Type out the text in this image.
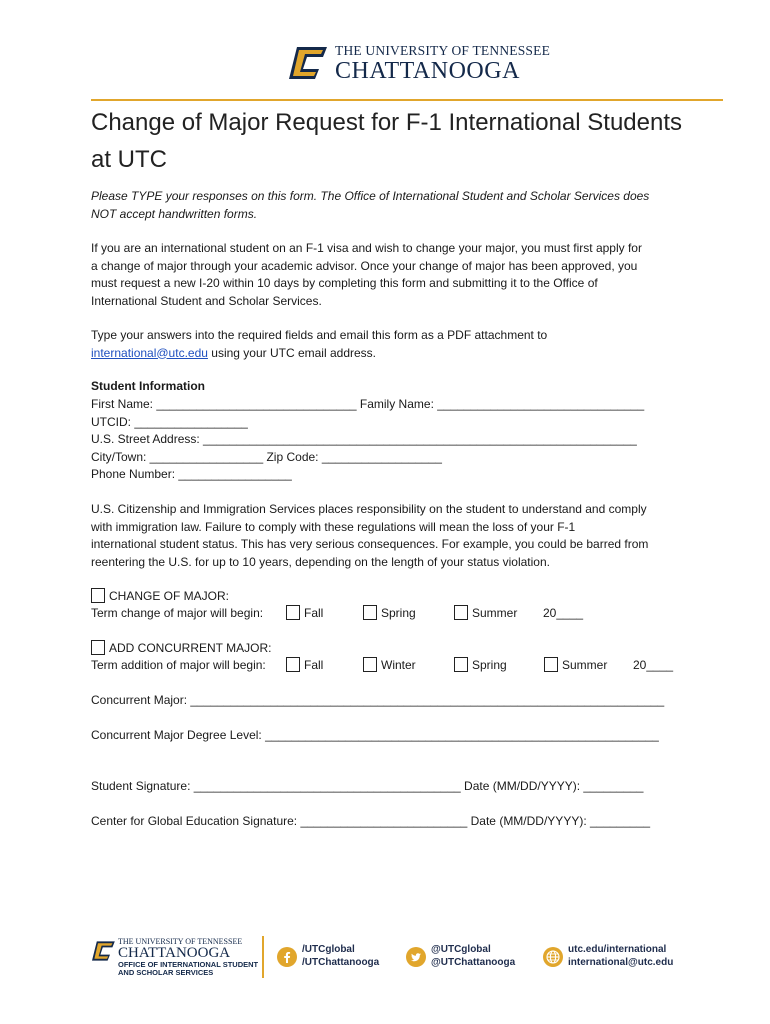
THE UNIVERSITY OF TENNESSEE
CHATTANOOGA
Change of Major Request for F-1 International Students
at UTC
Please TYPE your responses on this form. The Office of International Student and Scholar Services does
NOT accept handwritten forms.
If you are an international student on an F-1 visa and wish to change your major, you must first apply for
a change of major through your academic advisor. Once your change of major has been approved, you
must request a new I-20 within 10 days by completing this form and submitting it to the Office of
International Student and Scholar Services.
Type your answers into the required fields and email this form as a PDF attachment to
international@utc.edu using your UTC email address.
Student Information
First Name: ______________________________ Family Name: _______________________________
UTCID: _________________
U.S. Street Address: _________________________________________________________________
City/Town: _________________ Zip Code: __________________
Phone Number: _________________
U.S. Citizenship and Immigration Services places responsibility on the student to understand and comply
with immigration law. Failure to comply with these regulations will mean the loss of your F-1
international student status. This has very serious consequences. For example, you could be barred from
reentering the U.S. for up to 10 years, depending on the length of your status violation.
CHANGE OF MAJOR:
Term change of major will begin:	Fall	Spring	Summer 20____
ADD CONCURRENT MAJOR:
Term addition of major will begin:	Fall	Winter	Spring	Summer 20____
Concurrent Major: _______________________________________________________________________
Concurrent Major Degree Level: ___________________________________________________________
Student Signature: ________________________________________ Date (MM/DD/YYYY): _________
Center for Global Education Signature: _________________________ Date (MM/DD/YYYY): _________
THE UNIVERSITY OF TENNESSEE
CHATTANOOGA
OFFICE OF INTERNATIONAL STUDENT
AND SCHOLAR SERVICES
/UTCglobal
/UTChattanooga
@UTCglobal
@UTChattanooga
utc.edu/international
international@utc.edu
